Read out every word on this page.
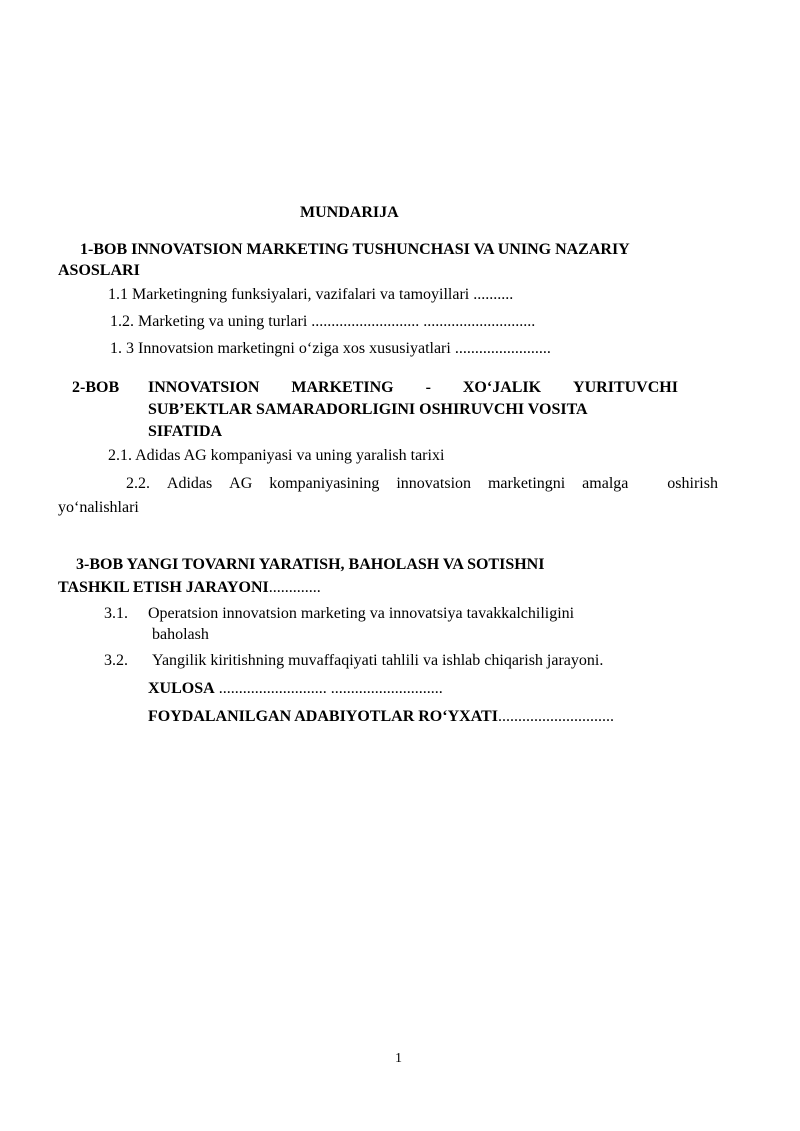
MUNDARIJA
1-BOB INNOVATSION MARKETING TUSHUNCHASI VA UNING NAZARIY
ASOSLARI
1.1 Marketingning funksiyalari, vazifalari va tamoyillari ..........
1.2. Marketing va uning turlari ........................... ............................
1. 3 Innovatsion marketingni o‘ziga xos xususiyatlari ........................
2-BOB INNOVATSION MARKETING - XO‘JALIK YURITUVCHI
SUB’EKTLAR SAMARADORLIGINI OSHIRUVCHI VOSITA
SIFATIDA
2.1. Adidas AG kompaniyasi va uning yaralish tarixi
2.2. Adidas AG kompaniyasining innovatsion marketingni amalga oshirish
yo‘nalishlari
3-BOB YANGI TOVARNI YARATISH, BAHOLASH VA SOTISHNI
TASHKIL ETISH JARAYONI.............
3.1. Operatsion innovatsion marketing va innovatsiya tavakkalchiligini
baholash
3.2. Yangilik kiritishning muvaffaqiyati tahlili va ishlab chiqarish jarayoni.
XULOSA ........................... ............................
FOYDALANILGAN ADABIYOTLAR RO‘YXATI.............................
1
